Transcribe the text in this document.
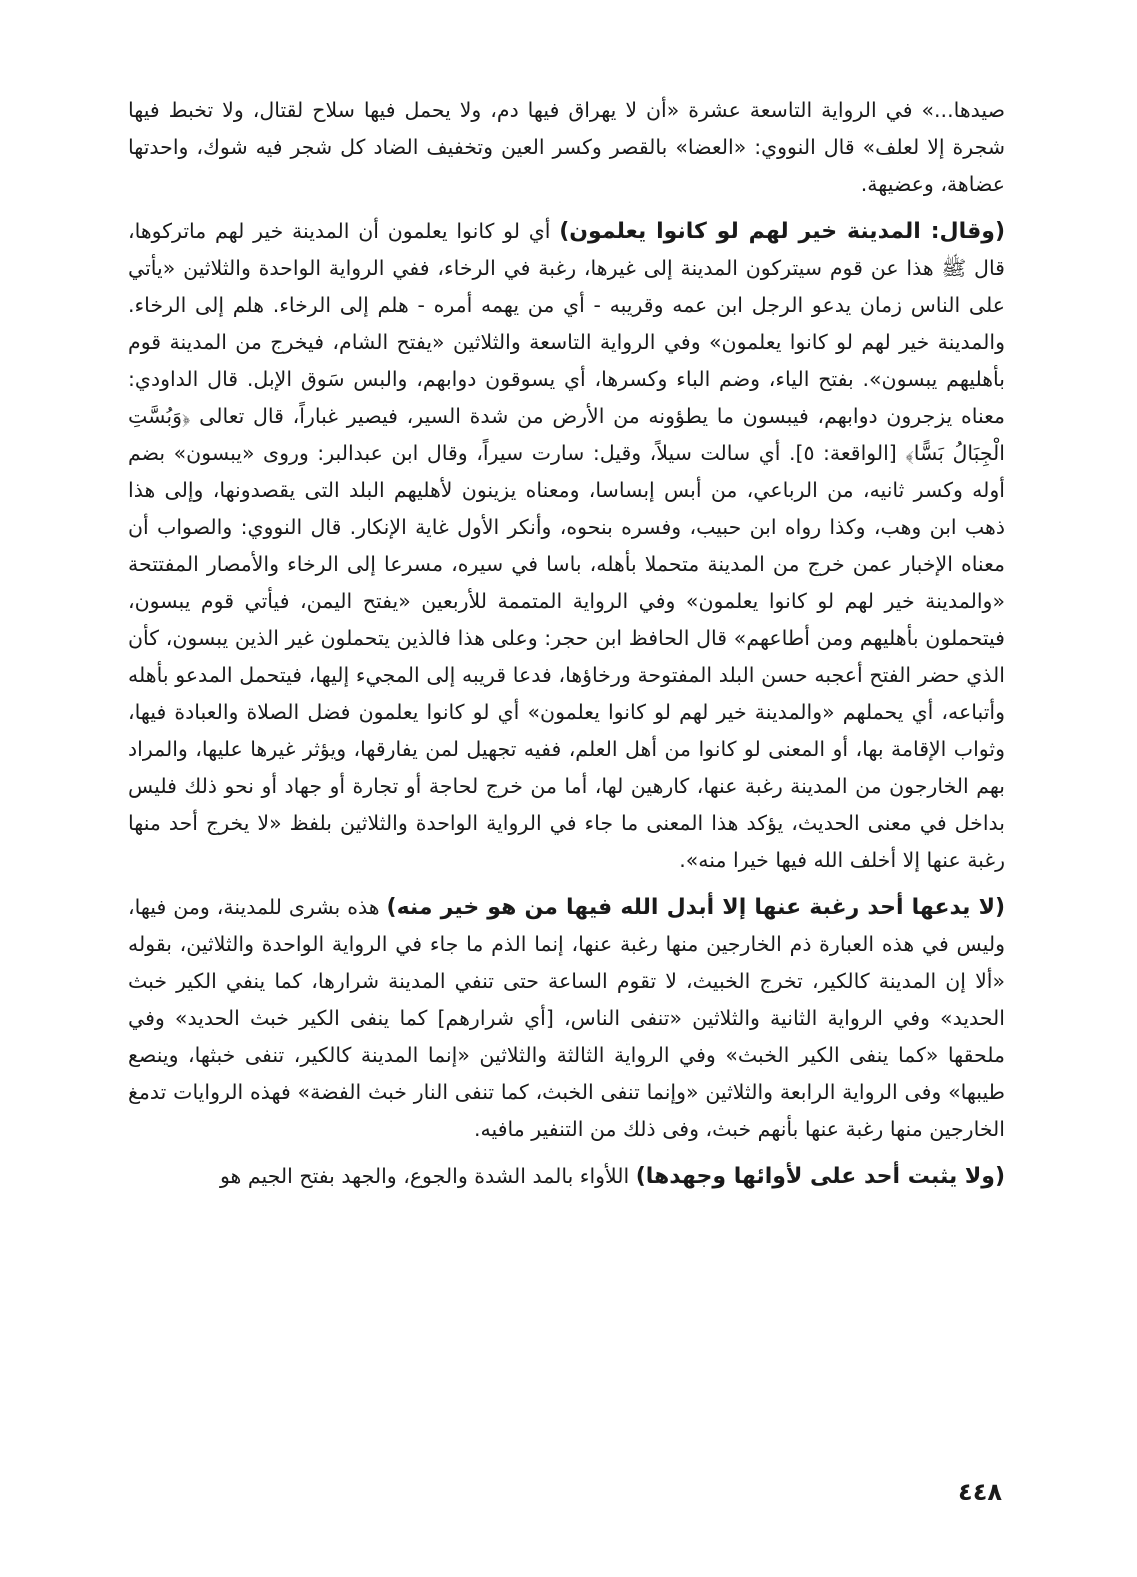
صيدها...» في الرواية التاسعة عشرة «أن لا يهراق فيها دم، ولا يحمل فيها سلاح لقتال، ولا تخبط فيها شجرة إلا لعلف» قال النووي: «العضا» بالقصر وكسر العين وتخفيف الضاد كل شجر فيه شوك، واحدتها عضاهة، وعضيهة.

(وقال: المدينة خير لهم لو كانوا يعلمون) أي لو كانوا يعلمون أن المدينة خير لهم ماتركوها، قال ﷺ هذا عن قوم سيتركون المدينة إلى غيرها، رغبة في الرخاء، ففي الرواية الواحدة والثلاثين «يأتي على الناس زمان يدعو الرجل ابن عمه وقريبه - أي من يهمه أمره - هلم إلى الرخاء. هلم إلى الرخاء. والمدينة خير لهم لو كانوا يعلمون» وفي الرواية التاسعة والثلاثين «يفتح الشام، فيخرج من المدينة قوم بأهليهم يبسون». بفتح الياء، وضم الباء وكسرها، أي يسوقون دوابهم، والبس سَوق الإبل. قال الداودي: معناه يزجرون دوابهم، فيبسون ما يطؤونه من الأرض من شدة السير، فيصير غباراً، قال تعالى ﴿وَبُسَّتِ الْجِبَالُ بَسًّا﴾ [الواقعة: ٥]. أي سالت سيلاً، وقيل: سارت سيراً، وقال ابن عبدالبر: وروى «يبسون» بضم أوله وكسر ثانيه، من الرباعي، من أبس إبساسا، ومعناه يزينون لأهليهم البلد التى يقصدونها، وإلى هذا ذهب ابن وهب، وكذا رواه ابن حبيب، وفسره بنحوه، وأنكر الأول غاية الإنكار. قال النووي: والصواب أن معناه الإخبار عمن خرج من المدينة متحملا بأهله، باسا في سيره، مسرعا إلى الرخاء والأمصار المفتتحة «والمدينة خير لهم لو كانوا يعلمون» وفي الرواية المتممة للأربعين «يفتح اليمن، فيأتي قوم يبسون، فيتحملون بأهليهم ومن أطاعهم» قال الحافظ ابن حجر: وعلى هذا فالذين يتحملون غير الذين يبسون، كأن الذي حضر الفتح أعجبه حسن البلد المفتوحة ورخاؤها، فدعا قريبه إلى المجيء إليها، فيتحمل المدعو بأهله وأتباعه، أي يحملهم «والمدينة خير لهم لو كانوا يعلمون» أي لو كانوا يعلمون فضل الصلاة والعبادة فيها، وثواب الإقامة بها، أو المعنى لو كانوا من أهل العلم، ففيه تجهيل لمن يفارقها، ويؤثر غيرها عليها، والمراد بهم الخارجون من المدينة رغبة عنها، كارهين لها، أما من خرج لحاجة أو تجارة أو جهاد أو نحو ذلك فليس بداخل في معنى الحديث، يؤكد هذا المعنى ما جاء في الرواية الواحدة والثلاثين بلفظ «لا يخرج أحد منها رغبة عنها إلا أخلف الله فيها خيرا منه».

(لا يدعها أحد رغبة عنها إلا أبدل الله فيها من هو خير منه) هذه بشرى للمدينة، ومن فيها، وليس في هذه العبارة ذم الخارجين منها رغبة عنها، إنما الذم ما جاء في الرواية الواحدة والثلاثين، بقوله «ألا إن المدينة كالكير، تخرج الخبيث، لا تقوم الساعة حتى تنفي المدينة شرارها، كما ينفي الكير خبث الحديد» وفي الرواية الثانية والثلاثين «تنفى الناس، [أي شرارهم] كما ينفى الكير خبث الحديد» وفي ملحقها «كما ينفى الكير الخبث» وفي الرواية الثالثة والثلاثين «إنما المدينة كالكير، تنفى خبثها، وينصع طيبها» وفى الرواية الرابعة والثلاثين «وإنما تنفى الخبث، كما تنفى النار خبث الفضة» فهذه الروايات تدمغ الخارجين منها رغبة عنها بأنهم خبث، وفى ذلك من التنفير مافيه.

(ولا يثبت أحد على لأوائها وجهدها) اللأواء بالمد الشدة والجوع، والجهد بفتح الجيم هو

٤٤٨
